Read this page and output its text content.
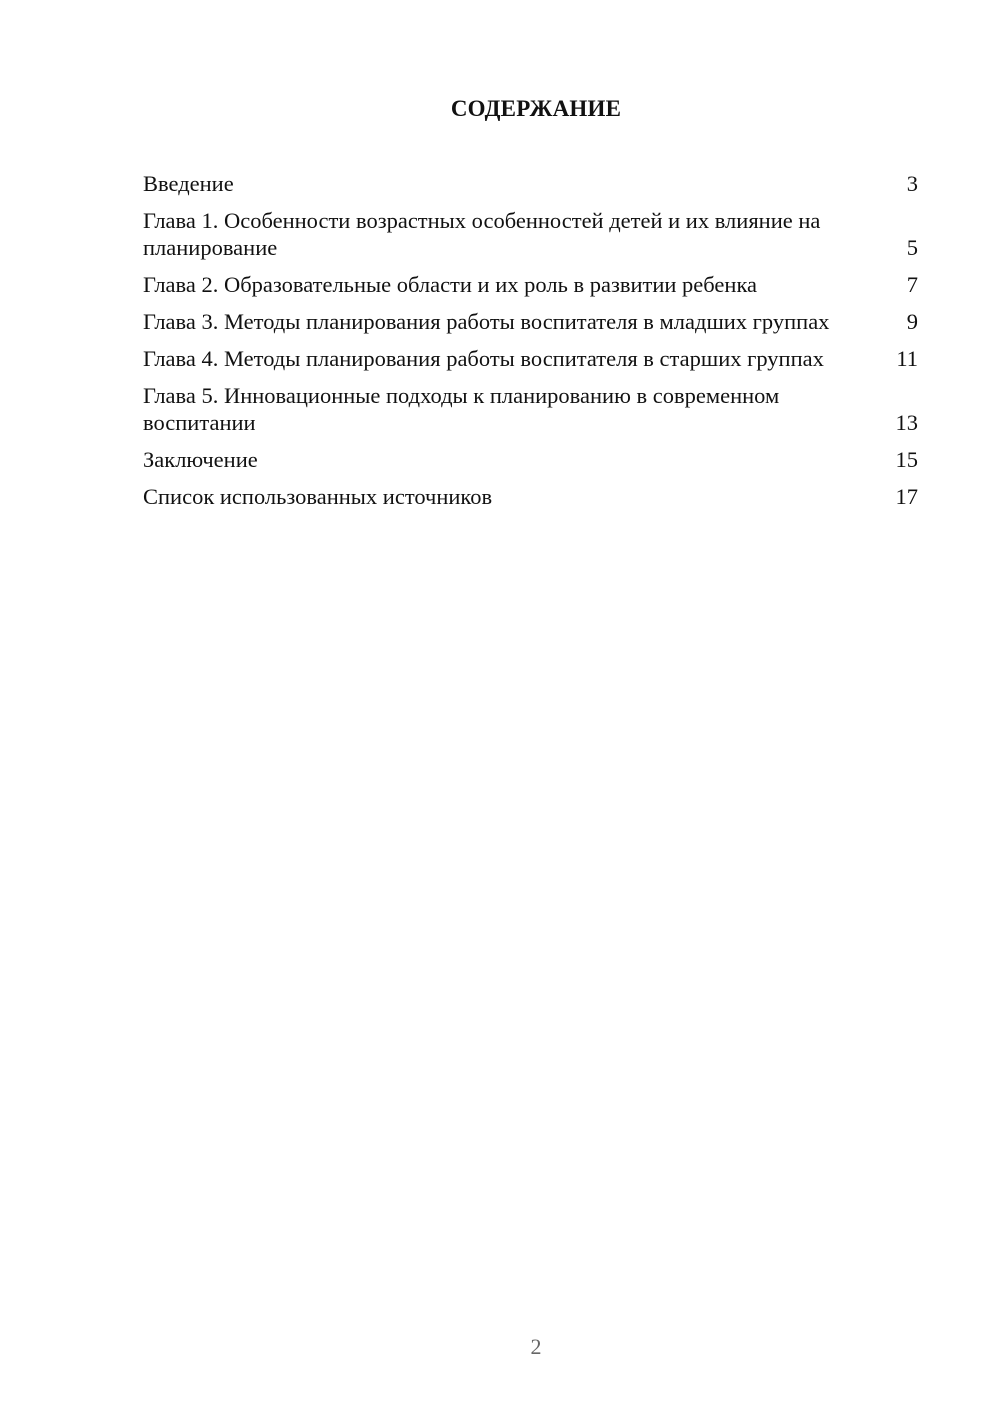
СОДЕРЖАНИЕ
Введение	3
Глава 1. Особенности возрастных особенностей детей и их влияние на планирование	5
Глава 2. Образовательные области и их роль в развитии ребенка	7
Глава 3. Методы планирования работы воспитателя в младших группах	9
Глава 4. Методы планирования работы воспитателя в старших группах	11
Глава 5. Инновационные подходы к планированию в современном воспитании	13
Заключение	15
Список использованных источников	17
2
